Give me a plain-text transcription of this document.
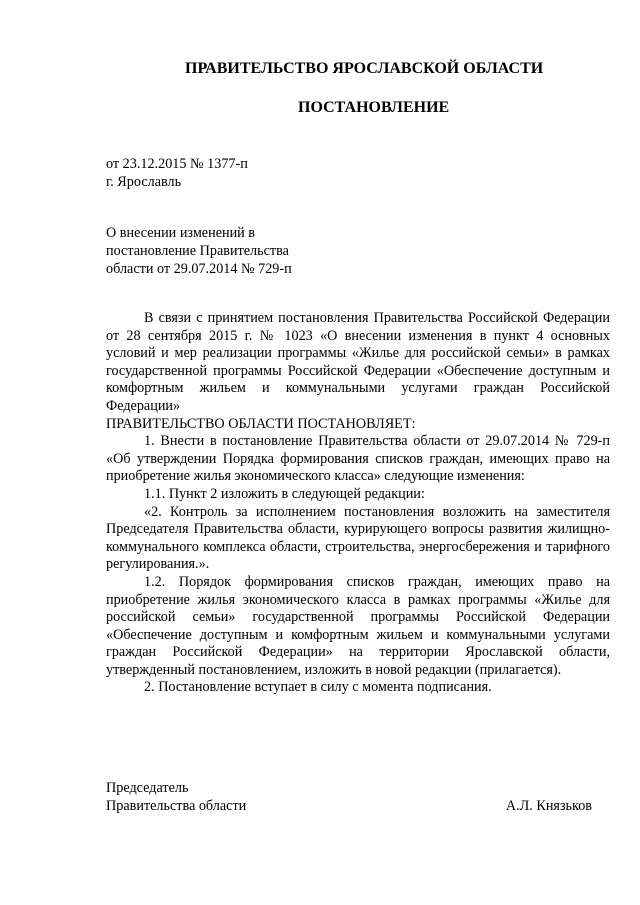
ПРАВИТЕЛЬСТВО ЯРОСЛАВСКОЙ ОБЛАСТИ
ПОСТАНОВЛЕНИЕ
от 23.12.2015 № 1377-п
г. Ярославль
О внесении изменений в
постановление Правительства
области от 29.07.2014 № 729-п

В связи с принятием постановления Правительства Российской Федерации от 28 сентября 2015 г. № 1023 «О внесении изменения в пункт 4 основных условий и мер реализации программы «Жилье для российской семьи» в рамках государственной программы Российской Федерации «Обеспечение доступным и комфортным жильем и коммунальными услугами граждан Российской Федерации»

ПРАВИТЕЛЬСТВО ОБЛАСТИ ПОСТАНОВЛЯЕТ:

1. Внести в постановление Правительства области от 29.07.2014 № 729-п «Об утверждении Порядка формирования списков граждан, имеющих право на приобретение жилья экономического класса» следующие изменения:

1.1. Пункт 2 изложить в следующей редакции:

«2. Контроль за исполнением постановления возложить на заместителя Председателя Правительства области, курирующего вопросы развития жилищно-коммунального комплекса области, строительства, энергосбережения и тарифного регулирования.».

1.2. Порядок формирования списков граждан, имеющих право на приобретение жилья экономического класса в рамках программы «Жилье для российской семьи» государственной программы Российской Федерации «Обеспечение доступным и комфортным жильем и коммунальными услугами граждан Российской Федерации» на территории Ярославской области, утвержденный постановлением, изложить в новой редакции (прилагается).

2. Постановление вступает в силу с момента подписания.

Председатель
Правительства области	А.Л. Князьков
